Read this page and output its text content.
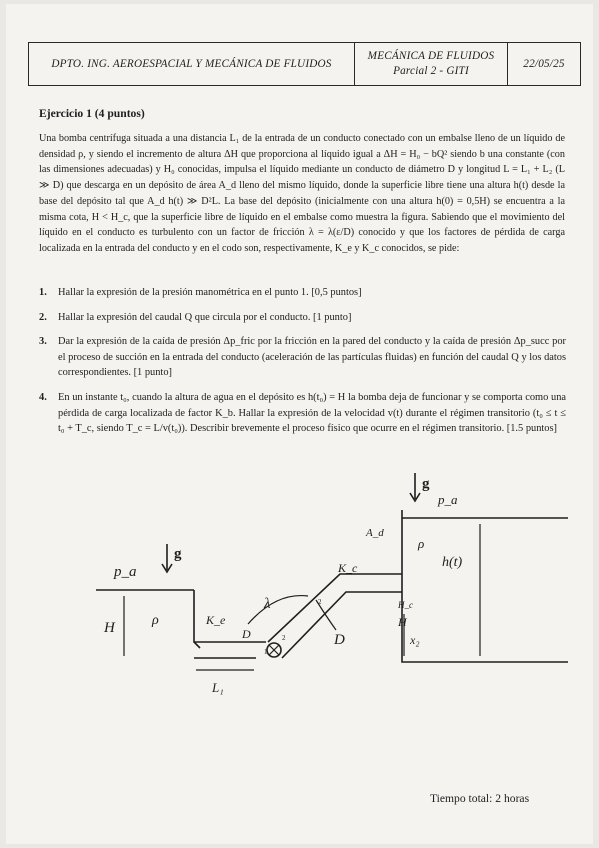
DPTO. ING. AEROESPACIAL Y MECÁNICA DE FLUIDOS
MECÁNICA DE FLUIDOS
Parcial 2 - GITI
22/05/25
Ejercicio 1 (4 puntos)
Una bomba centrífuga situada a una distancia L₁ de la entrada de un conducto conectado con un embalse lleno de un líquido de densidad ρ, y siendo el incremento de altura ΔH que proporciona al líquido igual a ΔH = H₀ − bQ² siendo b una constante (con las dimensiones adecuadas) y H₀ conocidas, impulsa el líquido mediante un conducto de diámetro D y longitud L = L₁ + L₂ (L ≫ D) que descarga en un depósito de área A_d lleno del mismo líquido, donde la superficie libre tiene una altura h(t) desde la base del depósito tal que A_d h(t) ≫ D²L. La base del depósito (inicialmente con una altura h(0) = 0,5H) se encuentra a la misma cota, H < H_c, que la superficie libre de líquido en el embalse como muestra la figura. Sabiendo que el movimiento del líquido en el conducto es turbulento con un factor de fricción λ = λ(ε/D) conocido y que los factores de pérdida de carga localizada en la entrada del conducto y en el codo son, respectivamente, K_e y K_c conocidos, se pide:
1.	Hallar la expresión de la presión manométrica en el punto 1. [0,5 puntos]
2.	Hallar la expresión del caudal Q que circula por el conducto. [1 punto]
3.	Dar la expresión de la caída de presión Δp_fric por la fricción en la pared del conducto y la caída de presión Δp_succ por el proceso de succión en la entrada del conducto (aceleración de las partículas fluidas) en función del caudal Q y los datos correspondientes. [1 punto]
4.	En un instante t₀, cuando la altura de agua en el depósito es h(t₀) = H la bomba deja de funcionar y se comporta como una pérdida de carga localizada de factor K_b. Hallar la expresión de la velocidad v(t) durante el régimen transitorio (t₀ ≤ t ≤ t₀ + T_c, siendo T_c = L/v(t₀)). Describir brevemente el proceso físico que ocurre en el régimen transitorio. [1.5 puntos]
g
g
p_a
p_a
ρ
ρ
H	H
K_e
K_c
λ
D	D
A_d
h(t)
H_c
L₁
x₂
1
2
2
Tiempo total: 2 horas
